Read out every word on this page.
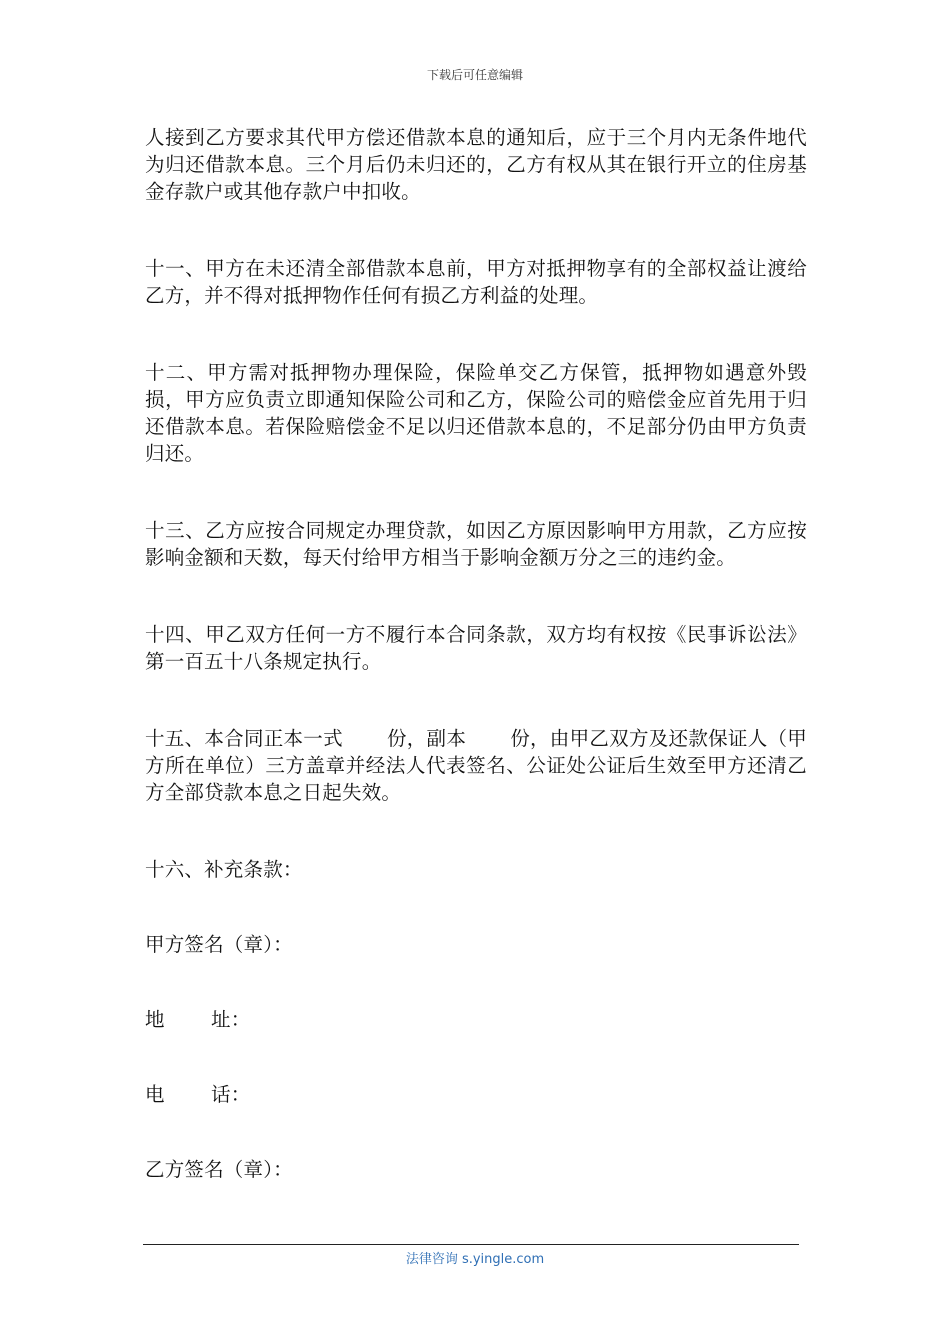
下载后可任意编辑

人接到乙方要求其代甲方偿还借款本息的通知后，应于三个月内无条件地代为归还借款本息。三个月后仍未归还的，乙方有权从其在银行开立的住房基金存款户或其他存款户中扣收。

十一、甲方在未还清全部借款本息前，甲方对抵押物享有的全部权益让渡给乙方，并不得对抵押物作任何有损乙方利益的处理。

十二、甲方需对抵押物办理保险，保险单交乙方保管，抵押物如遇意外毁损，甲方应负责立即通知保险公司和乙方，保险公司的赔偿金应首先用于归还借款本息。若保险赔偿金不足以归还借款本息的，不足部分仍由甲方负责归还。

十三、乙方应按合同规定办理贷款，如因乙方原因影响甲方用款，乙方应按影响金额和天数，每天付给甲方相当于影响金额万分之三的违约金。

十四、甲乙双方任何一方不履行本合同条款，双方均有权按《民事诉讼法》第一百五十八条规定执行。

十五、本合同正本一式 份，副本 份，由甲乙双方及还款保证人（甲方所在单位）三方盖章并经法人代表签名、公证处公证后生效至甲方还清乙方全部贷款本息之日起失效。

十六、补充条款：

甲方签名（章）：

地 址：

电 话：

乙方签名（章）：

法律咨询 s.yingle.com
